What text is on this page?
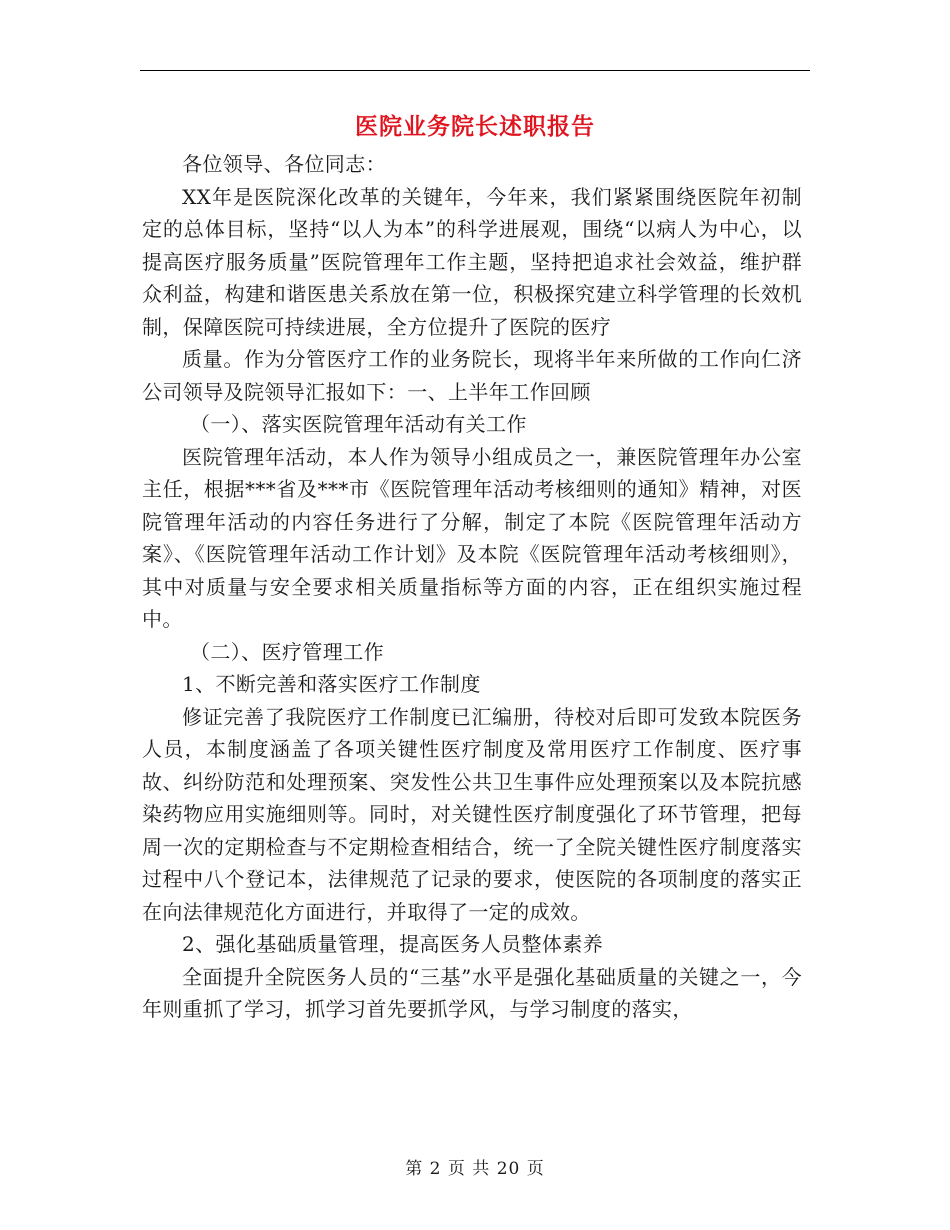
医院业务院长述职报告

各位领导、各位同志：

XX年是医院深化改革的关键年，今年来，我们紧紧围绕医院年初制定的总体目标，坚持“以人为本”的科学进展观，围绕“以病人为中心，以提高医疗服务质量”医院管理年工作主题，坚持把追求社会效益，维护群众利益，构建和谐医患关系放在第一位，积极探究建立科学管理的长效机制，保障医院可持续进展，全方位提升了医院的医疗

质量。作为分管医疗工作的业务院长，现将半年来所做的工作向仁济公司领导及院领导汇报如下：一、上半年工作回顾

（一）、落实医院管理年活动有关工作

医院管理年活动，本人作为领导小组成员之一，兼医院管理年办公室主任，根据***省及***市《医院管理年活动考核细则的通知》精神，对医院管理年活动的内容任务进行了分解，制定了本院《医院管理年活动方案》、《医院管理年活动工作计划》及本院《医院管理年活动考核细则》，其中对质量与安全要求相关质量指标等方面的内容，正在组织实施过程中。

（二）、医疗管理工作

1、不断完善和落实医疗工作制度

修证完善了我院医疗工作制度已汇编册，待校对后即可发致本院医务人员，本制度涵盖了各项关键性医疗制度及常用医疗工作制度、医疗事故、纠纷防范和处理预案、突发性公共卫生事件应处理预案以及本院抗感染药物应用实施细则等。同时，对关键性医疗制度强化了环节管理，把每周一次的定期检查与不定期检查相结合，统一了全院关键性医疗制度落实过程中八个登记本，法律规范了记录的要求，使医院的各项制度的落实正在向法律规范化方面进行，并取得了一定的成效。

2、强化基础质量管理，提高医务人员整体素养

全面提升全院医务人员的“三基”水平是强化基础质量的关键之一，今年则重抓了学习，抓学习首先要抓学风，与学习制度的落实，

第 2 页 共 20 页
